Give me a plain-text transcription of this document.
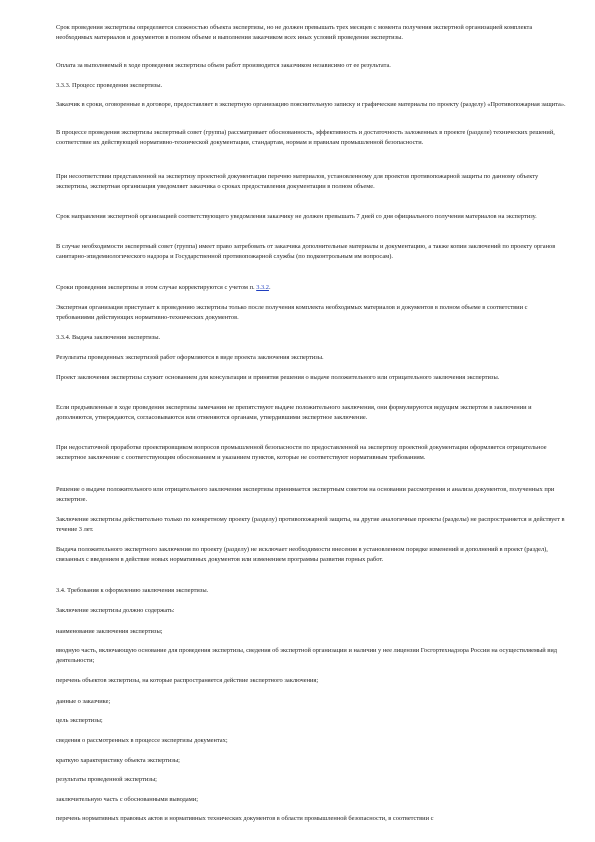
Срок проведения экспертизы определяется сложностью объекта экспертизы, но не должен превышать трех месяцев с момента получения экспертной организацией комплекта необходимых материалов и документов в полном объеме и выполнения заказчиком всех иных условий проведения экспертизы.

Оплата за выполняемый в ходе проведения экспертизы объем работ производится заказчиком независимо от ее результата.

3.3.3. Процесс проведения экспертизы.

Заказчик в сроки, оговоренные в договоре, предоставляет в экспертную организацию пояснительную записку и графические материалы по проекту (разделу) «Противопожарная защита».

В процессе проведения экспертизы экспертный совет (группа) рассматривает обоснованность, эффективность и достаточность заложенных в проекте (разделе) технических решений, соответствие их действующей нормативно-технической документации, стандартам, нормам и правилам промышленной безопасности.

При несоответствии представленной на экспертизу проектной документации перечню материалов, установленному для проектов противопожарной защиты по данному объекту экспертизы, экспертная организация уведомляет заказчика о сроках предоставления документации в полном объеме.

Срок направления экспертной организацией соответствующего уведомления заказчику не должен превышать 7 дней со дня официального получения материалов на экспертизу.

В случае необходимости экспертный совет (группа) имеет право затребовать от заказчика дополнительные материалы и документацию, а также копии заключений по проекту органов санитарно-эпидемиологического надзора и Государственной противопожарной службы (по подконтрольным им вопросам).

Сроки проведения экспертизы в этом случае корректируются с учетом п. 3.3.2.

Экспертная организация приступает к проведению экспертизы только после получения комплекта необходимых материалов и документов в полном объеме в соответствии с требованиями действующих нормативно-технических документов.

3.3.4. Выдача заключения экспертизы.

Результаты проведенных экспертизой работ оформляются в виде проекта заключения экспертизы.

Проект заключения экспертизы служит основанием для консультации и принятия решения о выдаче положительного или отрицательного заключения экспертизы.

Если предъявленные в ходе проведения экспертизы замечания не препятствуют выдаче положительного заключения, они формулируются ведущим экспертом в заключении и дополняются, утверждаются, согласовываются или отменяются органами, утвердившими экспертное заключение.

При недостаточной проработке проектировщиком вопросов промышленной безопасности по предоставленной на экспертизу проектной документации оформляется отрицательное экспертное заключение с соответствующим обоснованием и указанием пунктов, которые не соответствуют нормативным требованиям.

Решение о выдаче положительного или отрицательного заключения экспертизы принимается экспертным советом на основании рассмотрения и анализа документов, полученных при экспертизе.

Заключение экспертизы действительно только по конкретному проекту (разделу) противопожарной защиты, на другие аналогичные проекты (разделы) не распространяется и действует в течение 3 лет.

Выдача положительного экспертного заключения по проекту (разделу) не исключает необходимости внесения в установленном порядке изменений и дополнений в проект (раздел), связанных с введением в действие новых нормативных документов или изменением программы развития горных работ.

3.4. Требования к оформлению заключения экспертизы.

Заключение экспертизы должно содержать:

наименование заключения экспертизы;

вводную часть, включающую основание для проведения экспертизы, сведения об экспертной организации и наличии у нее лицензии Госгортехнадзора России на осуществляемый вид деятельности;

перечень объектов экспертизы, на которые распространяется действие экспертного заключения;

данные о заказчике;

цель экспертизы;

сведения о рассмотренных в процессе экспертизы документах;

краткую характеристику объекта экспертизы;

результаты проведенной экспертизы;

заключительную часть с обоснованными выводами;

перечень нормативных правовых актов и нормативных технических документов в области промышленной безопасности, в соответствии с
